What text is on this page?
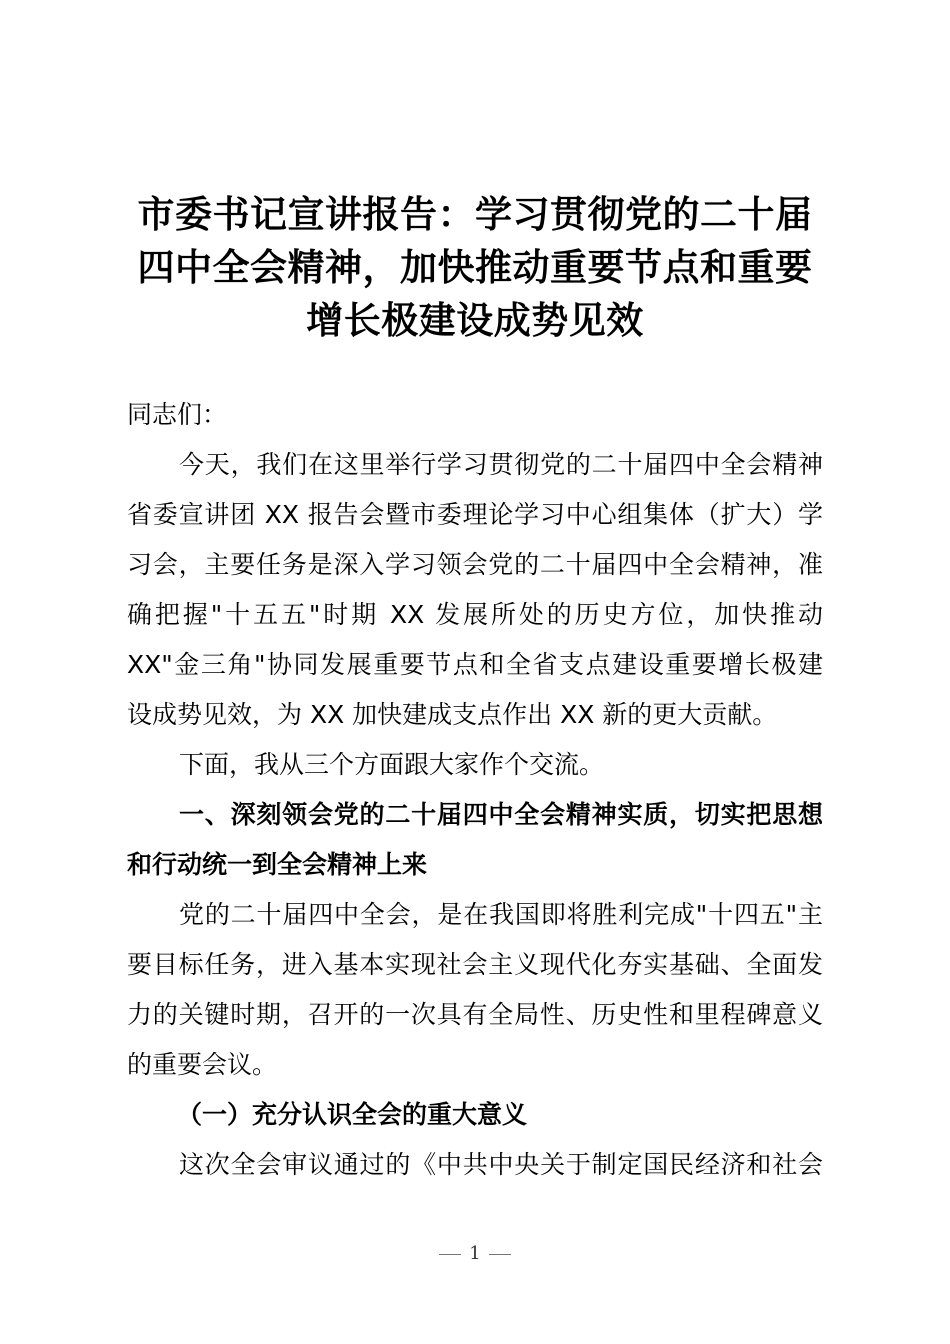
市委书记宣讲报告：学习贯彻党的二十届
四中全会精神，加快推动重要节点和重要
增长极建设成势见效
同志们：
今天，我们在这里举行学习贯彻党的二十届四中全会精神
省委宣讲团 XX 报告会暨市委理论学习中心组集体（扩大）学
习会，主要任务是深入学习领会党的二十届四中全会精神，准
确把握"十五五"时期 XX 发展所处的历史方位，加快推动
XX"金三角"协同发展重要节点和全省支点建设重要增长极建
设成势见效，为 XX 加快建成支点作出 XX 新的更大贡献。
下面，我从三个方面跟大家作个交流。
一、深刻领会党的二十届四中全会精神实质，切实把思想
和行动统一到全会精神上来
党的二十届四中全会，是在我国即将胜利完成"十四五"主
要目标任务，进入基本实现社会主义现代化夯实基础、全面发
力的关键时期，召开的一次具有全局性、历史性和里程碑意义
的重要会议。
（一）充分认识全会的重大意义
这次全会审议通过的《中共中央关于制定国民经济和社会
1
